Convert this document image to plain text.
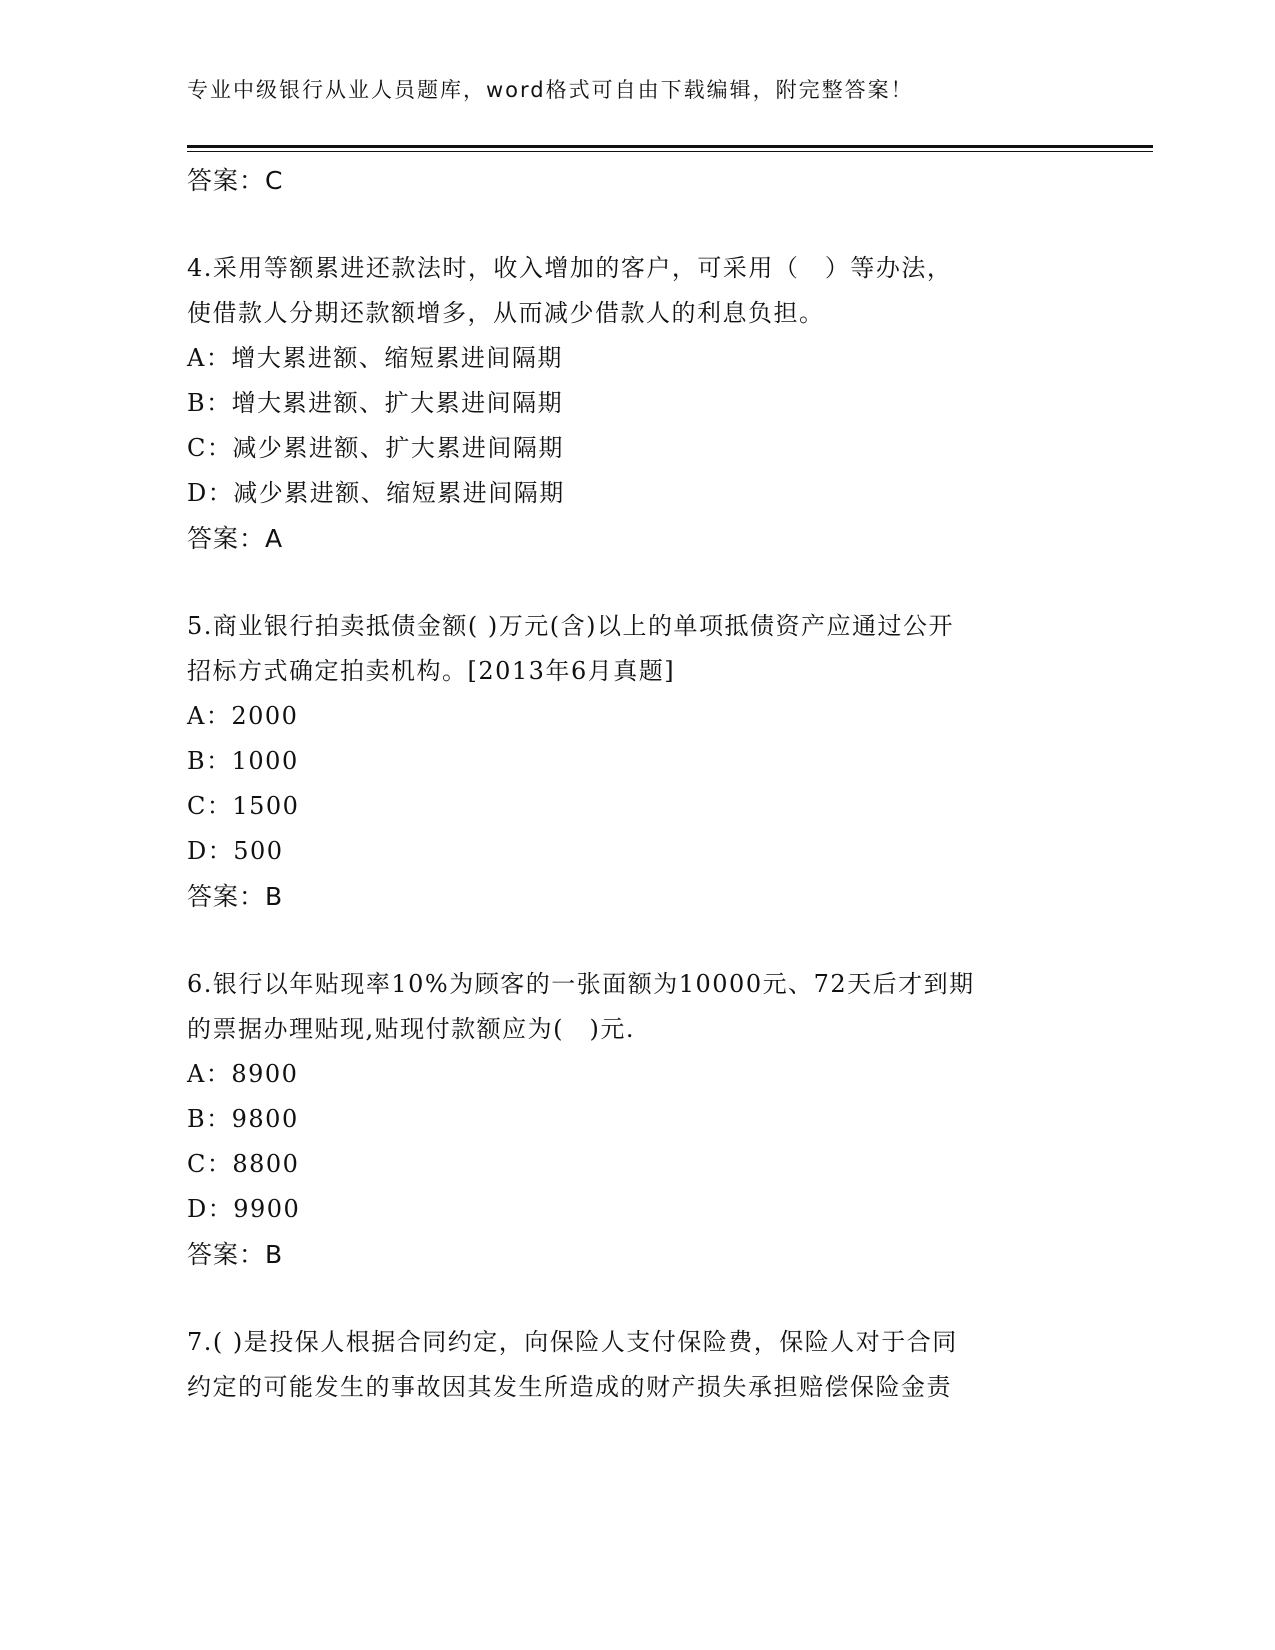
专业中级银行从业人员题库，word格式可自由下载编辑，附完整答案！
答案：C
4.采用等额累进还款法时，收入增加的客户，可采用（　）等办法，
使借款人分期还款额增多，从而减少借款人的利息负担。
A：增大累进额、缩短累进间隔期
B：增大累进额、扩大累进间隔期
C：减少累进额、扩大累进间隔期
D：减少累进额、缩短累进间隔期
答案：A
5.商业银行拍卖抵债金额( )万元(含)以上的单项抵债资产应通过公开
招标方式确定拍卖机构。[2013年6月真题]
A：2000
B：1000
C：1500
D：500
答案：B
6.银行以年贴现率10%为顾客的一张面额为10000元、72天后才到期
的票据办理贴现,贴现付款额应为(　)元.
A：8900
B：9800
C：8800
D：9900
答案：B
7.( )是投保人根据合同约定，向保险人支付保险费，保险人对于合同
约定的可能发生的事故因其发生所造成的财产损失承担赔偿保险金责
